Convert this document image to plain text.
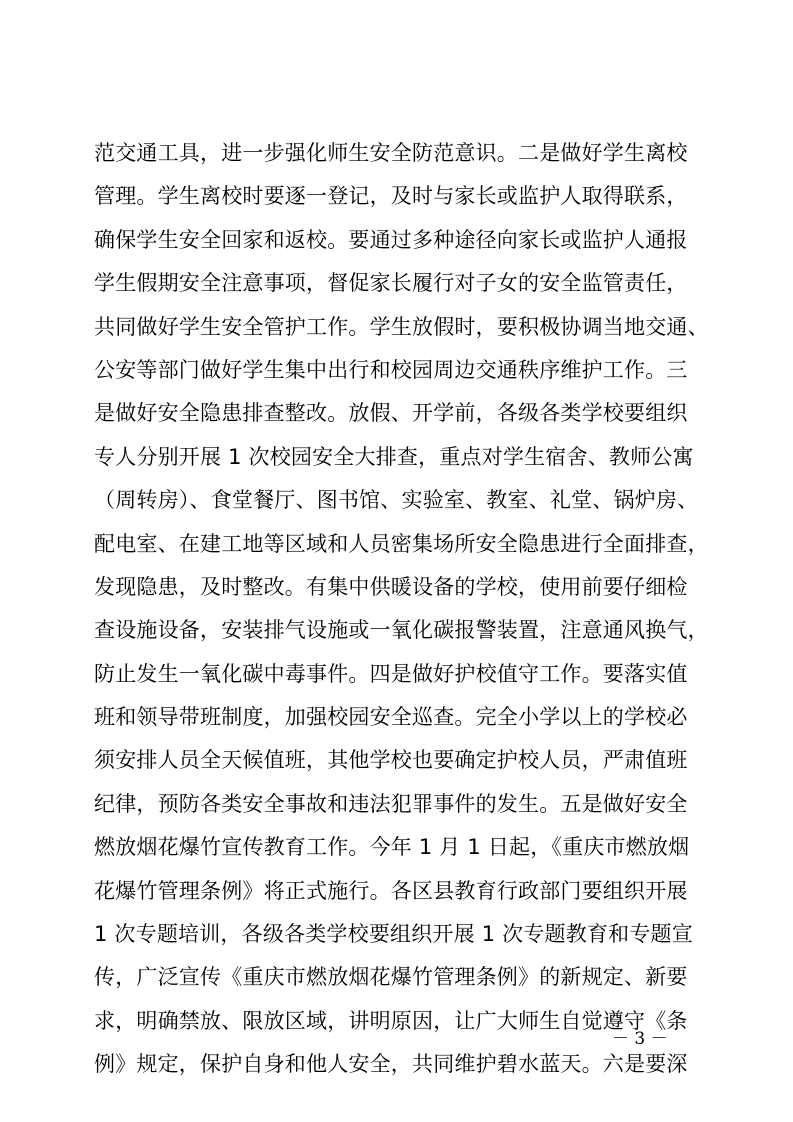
范交通工具，进一步强化师生安全防范意识。二是做好学生离校
管理。学生离校时要逐一登记，及时与家长或监护人取得联系，
确保学生安全回家和返校。要通过多种途径向家长或监护人通报
学生假期安全注意事项，督促家长履行对子女的安全监管责任，
共同做好学生安全管护工作。学生放假时，要积极协调当地交通、
公安等部门做好学生集中出行和校园周边交通秩序维护工作。三
是做好安全隐患排查整改。放假、开学前，各级各类学校要组织
专人分别开展 1 次校园安全大排查，重点对学生宿舍、教师公寓
（周转房）、食堂餐厅、图书馆、实验室、教室、礼堂、锅炉房、
配电室、在建工地等区域和人员密集场所安全隐患进行全面排查，
发现隐患，及时整改。有集中供暖设备的学校，使用前要仔细检
查设施设备，安装排气设施或一氧化碳报警装置，注意通风换气，
防止发生一氧化碳中毒事件。四是做好护校值守工作。要落实值
班和领导带班制度，加强校园安全巡查。完全小学以上的学校必
须安排人员全天候值班，其他学校也要确定护校人员，严肃值班
纪律，预防各类安全事故和违法犯罪事件的发生。五是做好安全
燃放烟花爆竹宣传教育工作。今年 1 月 1 日起，《重庆市燃放烟
花爆竹管理条例》将正式施行。各区县教育行政部门要组织开展
1 次专题培训，各级各类学校要组织开展 1 次专题教育和专题宣
传，广泛宣传《重庆市燃放烟花爆竹管理条例》的新规定、新要
求，明确禁放、限放区域，讲明原因，让广大师生自觉遵守《条
例》规定，保护自身和他人安全，共同维护碧水蓝天。六是要深
－ 3 －
